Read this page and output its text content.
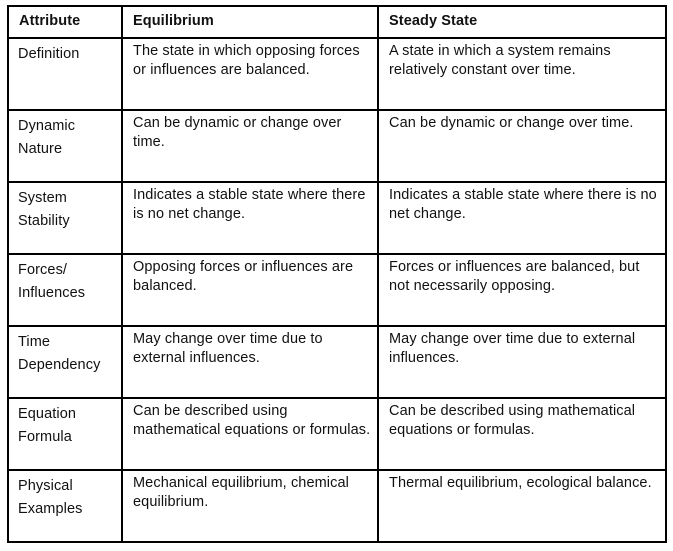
Attribute	Equilibrium	Steady State
Definition	The state in which opposing forces or influences are balanced.	A state in which a system remains relatively constant over time.
Dynamic Nature	Can be dynamic or change over time.	Can be dynamic or change over time.
System Stability	Indicates a stable state where there is no net change.	Indicates a stable state where there is no net change.
Forces/ Influences	Opposing forces or influences are balanced.	Forces or influences are balanced, but not necessarily opposing.
Time Dependency	May change over time due to external influences.	May change over time due to external influences.
Equation Formula	Can be described using mathematical equations or formulas.	Can be described using mathematical equations or formulas.
Physical Examples	Mechanical equilibrium, chemical equilibrium.	Thermal equilibrium, ecological balance.
